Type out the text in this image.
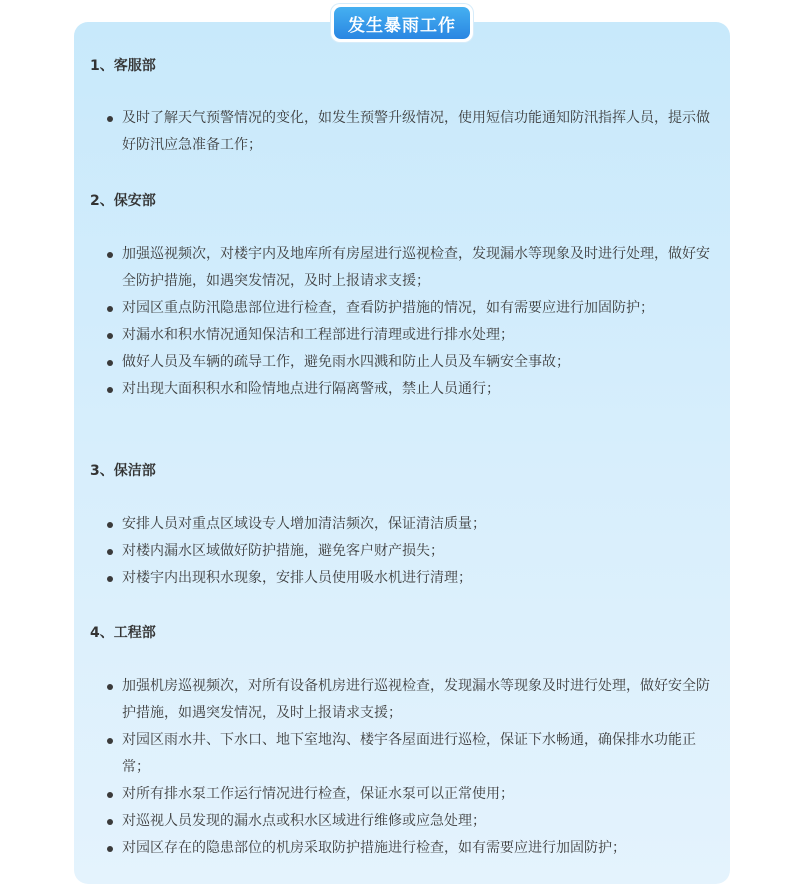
发生暴雨工作
1、客服部
及时了解天气预警情况的变化，如发生预警升级情况，使用短信功能通知防汛指挥人员，提示做好防汛应急准备工作；
2、保安部
加强巡视频次，对楼宇内及地库所有房屋进行巡视检查，发现漏水等现象及时进行处理，做好安全防护措施，如遇突发情况，及时上报请求支援；
对园区重点防汛隐患部位进行检查，查看防护措施的情况，如有需要应进行加固防护；
对漏水和积水情况通知保洁和工程部进行清理或进行排水处理；
做好人员及车辆的疏导工作，避免雨水四溅和防止人员及车辆安全事故；
对出现大面积积水和险情地点进行隔离警戒，禁止人员通行；
3、保洁部
安排人员对重点区域设专人增加清洁频次，保证清洁质量；
对楼内漏水区域做好防护措施，避免客户财产损失；
对楼宇内出现积水现象，安排人员使用吸水机进行清理；
4、工程部
加强机房巡视频次，对所有设备机房进行巡视检查，发现漏水等现象及时进行处理，做好安全防护措施，如遇突发情况，及时上报请求支援；
对园区雨水井、下水口、地下室地沟、楼宇各屋面进行巡检，保证下水畅通，确保排水功能正常；
对所有排水泵工作运行情况进行检查，保证水泵可以正常使用；
对巡视人员发现的漏水点或积水区域进行维修或应急处理；
对园区存在的隐患部位的机房采取防护措施进行检查，如有需要应进行加固防护；
